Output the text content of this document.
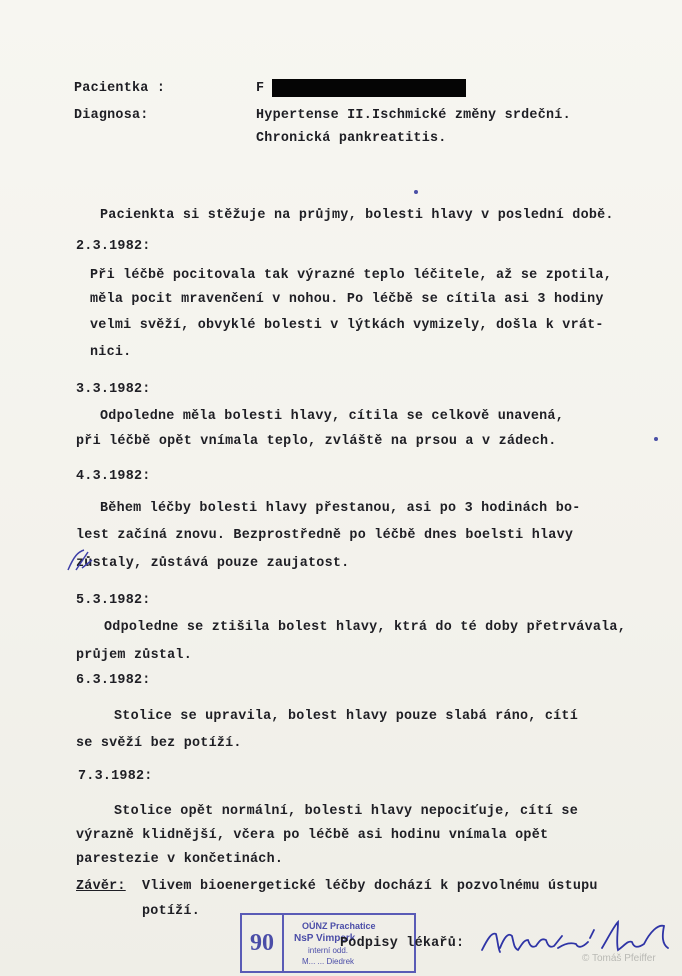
Pacientka :	F
Diagnosa:	Hypertense II.Ischmické změny srdeční.
Chronická pankreatitis.
Pacienkta si stěžuje na průjmy, bolesti hlavy v poslední době.
2.3.1982:
Při léčbě pocitovala tak výrazné teplo léčitele, až se zpotila,
měla pocit mravenčení v nohou. Po léčbě se cítila asi 3 hodiny
velmi svěží, obvyklé bolesti v lýtkách vymizely, došla k vrát-
nici.
3.3.1982:
Odpoledne měla bolesti hlavy, cítila se celkově unavená,
při léčbě opět vnímala teplo, zvláště na prsou a v zádech.
4.3.1982:
Během léčby bolesti hlavy přestanou, asi po 3 hodinách bo-
lest začíná znovu. Bezprostředně po léčbě dnes boelsti hlavy
zůstaly, zůstává pouze zaujatost.
5.3.1982:
Odpoledne se ztišila bolest hlavy, ktrá do té doby přetrvávala,
průjem zůstal.
6.3.1982:
Stolice se upravila, bolest hlavy pouze slabá ráno, cítí
se svěží bez potíží.
7.3.1982:
Stolice opět normální, bolesti hlavy nepociťuje, cítí se
výrazně klidnější, včera po léčbě asi hodinu vnímala opět
parestezie v končetinách.
Závěr: Vlivem bioenergetické léčby dochází k pozvolnému ústupu
potíží.
90
OÚNZ Prachatice
NsP Vimperk
interní odd.
M... ... Diedrek
Podpisy lékařů:
© Tomáš Pfeiffer
